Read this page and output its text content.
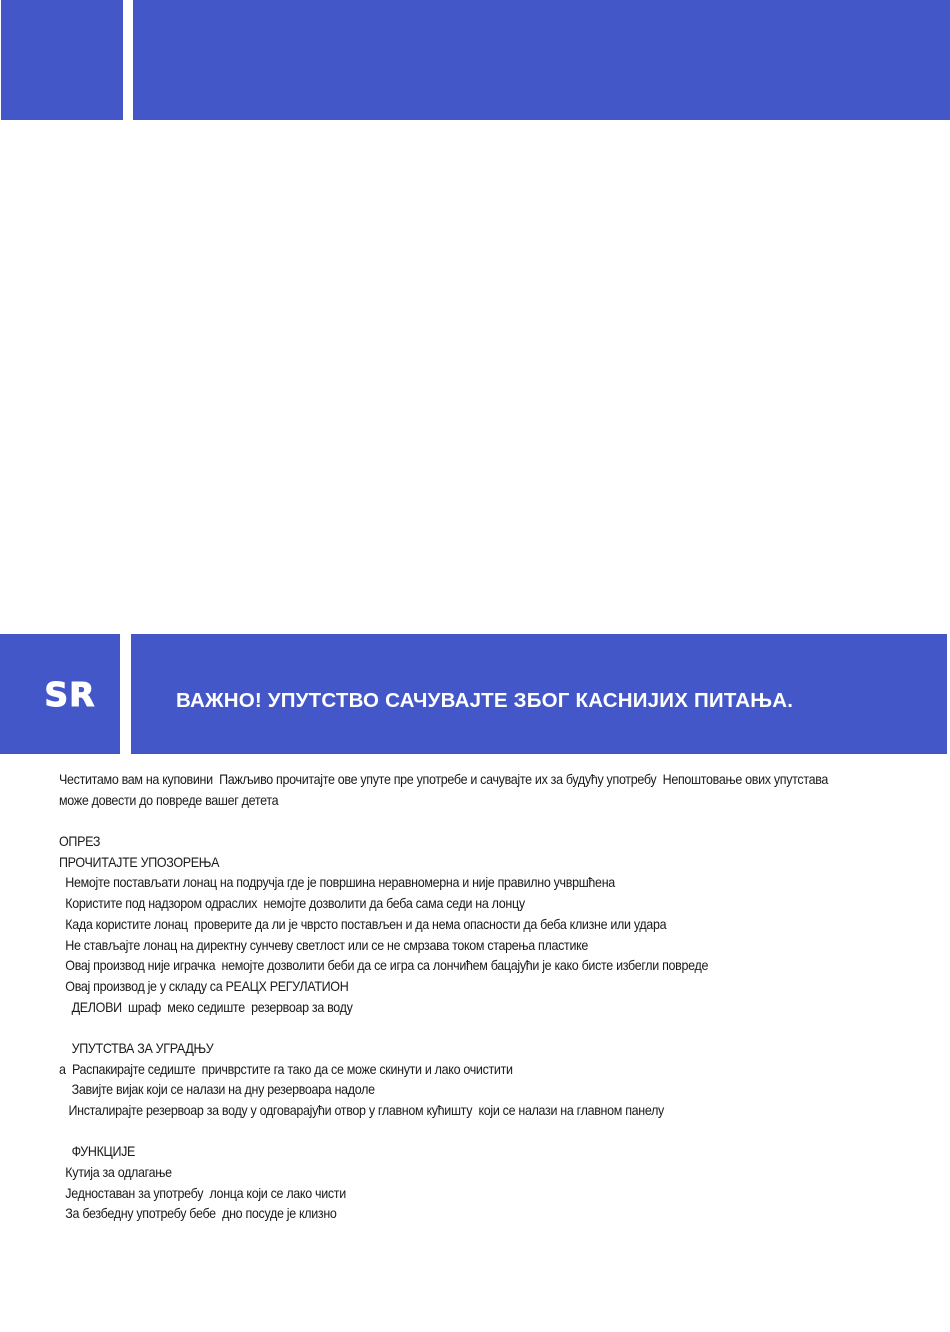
SR	ВАЖНО! УПУТСТВО САЧУВАЈТЕ ЗБОГ КАСНИЈИХ ПИТАЊА.

Честитамо вам на куповини  Пажљиво прочитајте ове упуте пре употребе и сачувајте их за будућу употребу  Непоштовање ових упутстава

може довести до повреде вашег детета

ОПРЕЗ

ПРОЧИТАЈТЕ УПОЗОРЕЊА

Немојте постављати лонац на подручја где је површина неравномерна и није правилно учвршћена

Користите под надзором одраслих  немојте дозволити да беба сама седи на лонцу

Када користите лонац  проверите да ли је чврсто постављен и да нема опасности да беба клизне или удара

Не стављајте лонац на директну сунчеву светлост или се не смрзава током старења пластике

Овај производ није играчка  немојте дозволити беби да се игра са лончићем бацајући је како бисте избегли повреде

Овај производ је у складу са РЕАЦХ РЕГУЛАТИОН

ДЕЛОВИ  шраф  меко седиште  резервоар за воду

УПУТСТВА ЗА УГРАДЊУ

а  Распакирајте седиште  причврстите га тако да се може скинути и лако очистити

Завијте вијак који се налази на дну резервоара надоле

Инсталирајте резервоар за воду у одговарајући отвор у главном кућишту  који се налази на главном панелу

ФУНКЦИЈЕ

Кутија за одлагање

Једноставан за употребу  лонца који се лако чисти

За безбедну употребу бебе  дно посуде је клизно
